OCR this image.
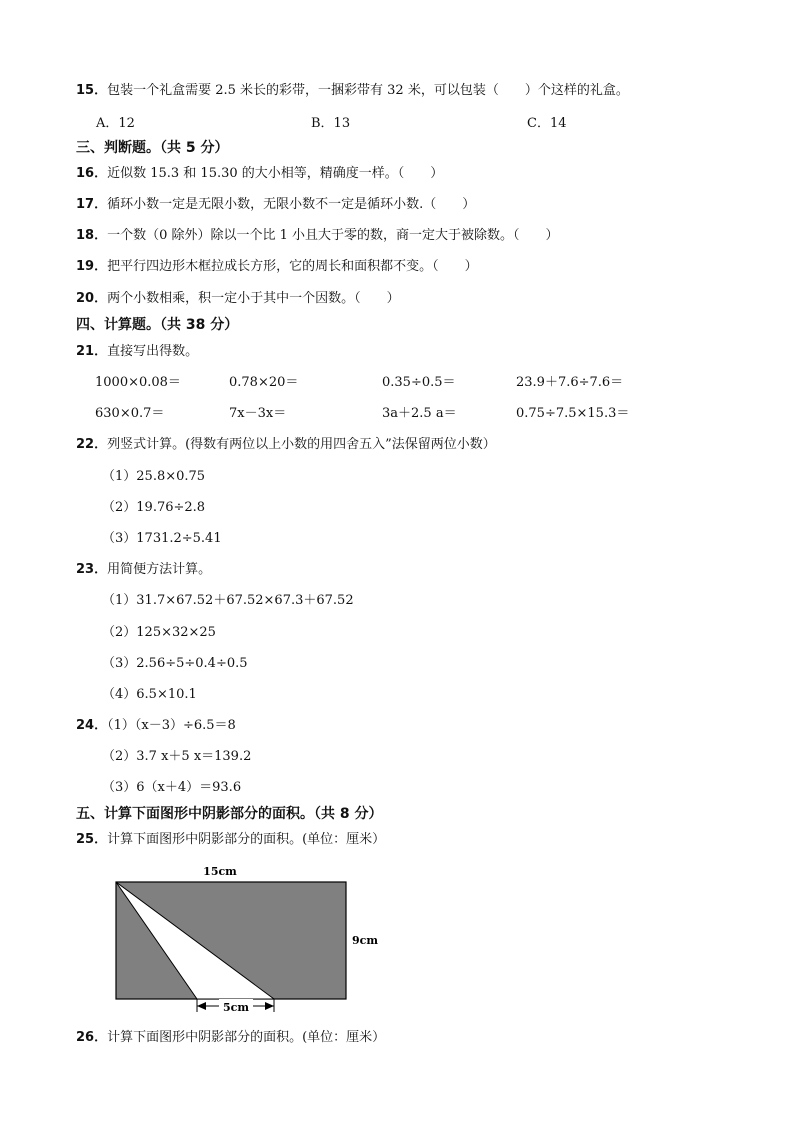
15．包装一个礼盒需要 2.5 米长的彩带，一捆彩带有 32 米，可以包装（　　）个这样的礼盒。
A．12	B．13	C．14
三、判断题。（共 5 分）
16．近似数 15.3 和 15.30 的大小相等，精确度一样。（　　）
17．循环小数一定是无限小数，无限小数不一定是循环小数.（　　）
18．一个数（0 除外）除以一个比 1 小且大于零的数，商一定大于被除数。（　　）
19．把平行四边形木框拉成长方形，它的周长和面积都不变。（　　）
20．两个小数相乘，积一定小于其中一个因数。（　　）
四、计算题。（共 38 分）
21．直接写出得数。
1000×0.08＝	0.78×20＝	0.35÷0.5＝	23.9＋7.6÷7.6＝
630×0.7＝	7x－3x＝	3a＋2.5 a＝	0.75÷7.5×15.3＝
22．列竖式计算。(得数有两位以上小数的用四舍五入”法保留两位小数）
（1）25.8×0.75
（2）19.76÷2.8
（3）1731.2÷5.41
23．用简便方法计算。
（1）31.7×67.52＋67.52×67.3＋67.52
（2）125×32×25
（3）2.56÷5÷0.4÷0.5
（4）6.5×10.1
24．（1）（x－3）÷6.5＝8
（2）3.7 x＋5 x＝139.2
（3）6（x＋4）＝93.6
五、计算下面图形中阴影部分的面积。（共 8 分）
25．计算下面图形中阴影部分的面积。(单位：厘米）
15cm
9cm
5cm
26．计算下面图形中阴影部分的面积。(单位：厘米）
